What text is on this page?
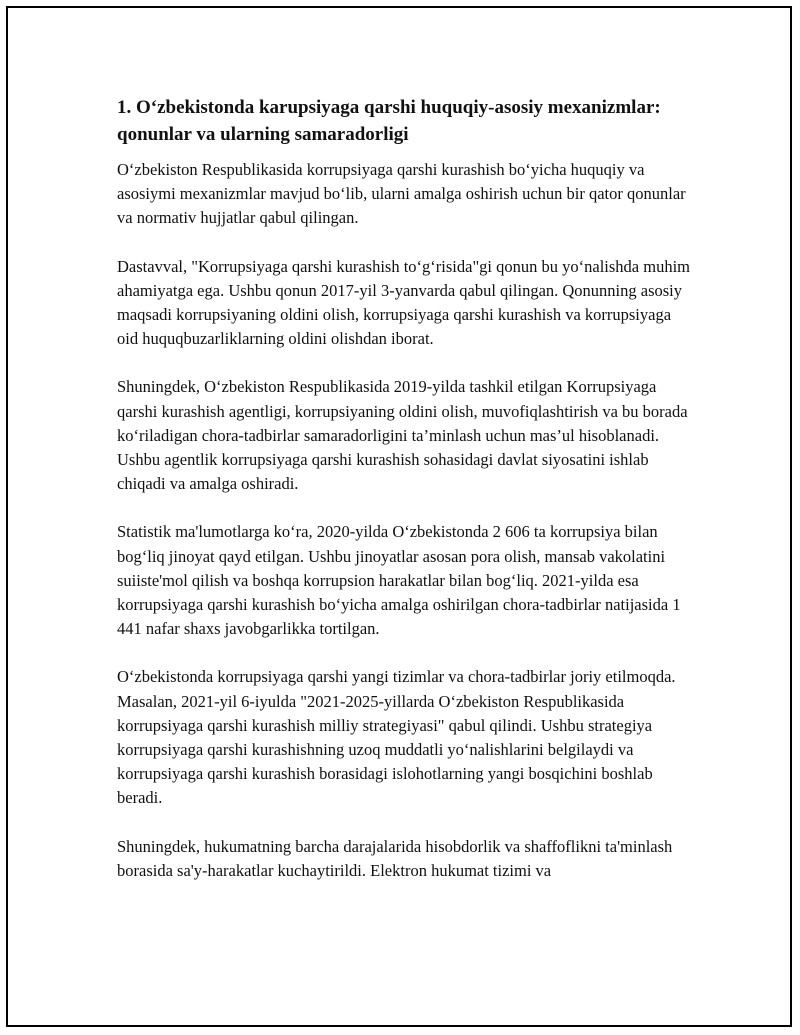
1. O‘zbekistonda karupsiyaga qarshi huquqiy-asosiy mexanizmlar: qonunlar va ularning samaradorligi

O‘zbekiston Respublikasida korrupsiyaga qarshi kurashish bo‘yicha huquqiy va asosiymi mexanizmlar mavjud bo‘lib, ularni amalga oshirish uchun bir qator qonunlar va normativ hujjatlar qabul qilingan.

Dastavval, "Korrupsiyaga qarshi kurashish to‘g‘risida"gi qonun bu yo‘nalishda muhim ahamiyatga ega. Ushbu qonun 2017-yil 3-yanvarda qabul qilingan. Qonunning asosiy maqsadi korrupsiyaning oldini olish, korrupsiyaga qarshi kurashish va korrupsiyaga oid huquqbuzarliklarning oldini olishdan iborat.

Shuningdek, O‘zbekiston Respublikasida 2019-yilda tashkil etilgan Korrupsiyaga qarshi kurashish agentligi, korrupsiyaning oldini olish, muvofiqlashtirish va bu borada ko‘riladigan chora-tadbirlar samaradorligini ta’minlash uchun mas’ul hisoblanadi. Ushbu agentlik korrupsiyaga qarshi kurashish sohasidagi davlat siyosatini ishlab chiqadi va amalga oshiradi.

Statistik ma'lumotlarga ko‘ra, 2020-yilda O‘zbekistonda 2 606 ta korrupsiya bilan bog‘liq jinoyat qayd etilgan. Ushbu jinoyatlar asosan pora olish, mansab vakolatini suiiste'mol qilish va boshqa korrupsion harakatlar bilan bog‘liq. 2021-yilda esa korrupsiyaga qarshi kurashish bo‘yicha amalga oshirilgan chora-tadbirlar natijasida 1 441 nafar shaxs javobgarlikka tortilgan.

O‘zbekistonda korrupsiyaga qarshi yangi tizimlar va chora-tadbirlar joriy etilmoqda. Masalan, 2021-yil 6-iyulda "2021-2025-yillarda O‘zbekiston Respublikasida korrupsiyaga qarshi kurashish milliy strategiyasi" qabul qilindi. Ushbu strategiya korrupsiyaga qarshi kurashishning uzoq muddatli yo‘nalishlarini belgilaydi va korrupsiyaga qarshi kurashish borasidagi islohotlarning yangi bosqichini boshlab beradi.

Shuningdek, hukumatning barcha darajalarida hisobdorlik va shaffoflikni ta'minlash borasida sa'y-harakatlar kuchaytirildi. Elektron hukumat tizimi va
